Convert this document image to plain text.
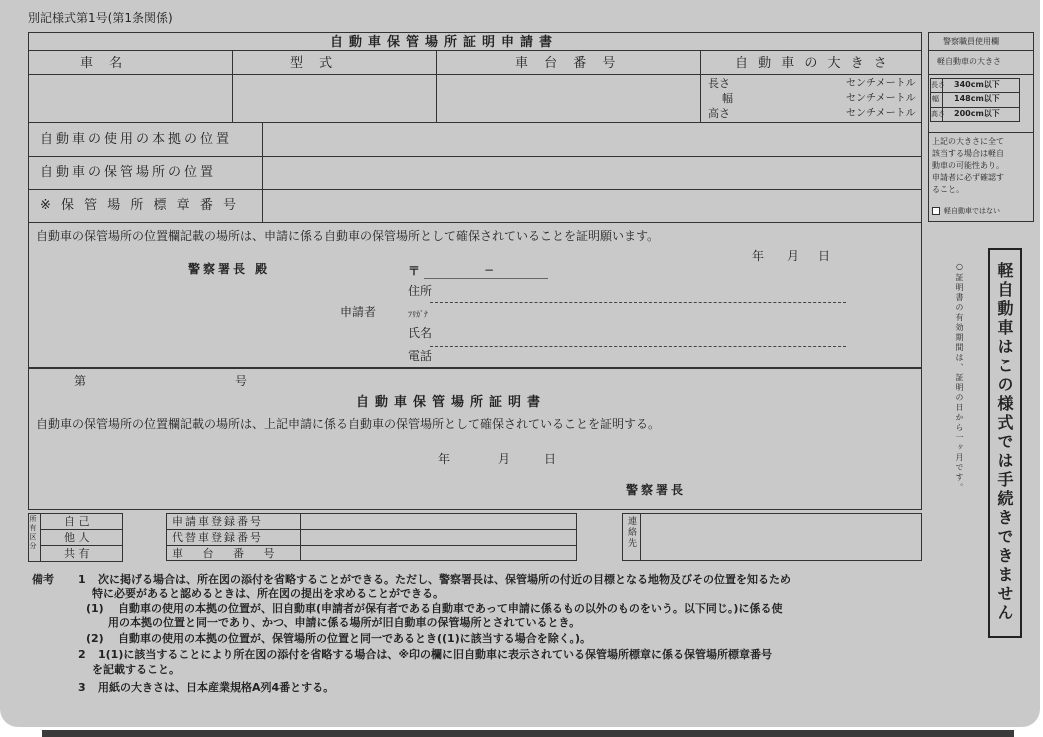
別記様式第1号(第1条関係)
自動車保管場所証明申請書
車 名	型 式	車 台 番 号	自 動 車 の 大 き さ
長さ	センチメートル
幅	センチメートル
高さ	センチメートル
自動車の使用の本拠の位置
自動車の保管場所の位置
※ 保 管 場 所 標 章 番 号
自動車の保管場所の位置欄記載の場所は、申請に係る自動車の保管場所として確保されていることを証明願います。
年 月 日
警察署長 殿	〒	−
住所
申請者	ﾌﾘｶﾞﾅ
氏名
電話
第	号
自動車保管場所証明書
自動車の保管場所の位置欄記載の場所は、上記申請に係る自動車の保管場所として確保されていることを証明する。
年	月	日
警察署長
所有区分 自 己
他 人
共 有
申請車登録番号
代替車登録番号
車 台 番 号
連絡先
備考 1 次に掲げる場合は、所在図の添付を省略することができる。ただし、警察署長は、保管場所の付近の目標となる地物及びその位置を知るため
特に必要があると認めるときは、所在図の提出を求めることができる。
(1) 自動車の使用の本拠の位置が、旧自動車(申請者が保有者である自動車であって申請に係るもの以外のものをいう。以下同じ。)に係る使
用の本拠の位置と同一であり、かつ、申請に係る場所が旧自動車の保管場所とされているとき。
(2) 自動車の使用の本拠の位置が、保管場所の位置と同一であるとき((1)に該当する場合を除く。)。
2 1(1)に該当することにより所在図の添付を省略する場合は、※印の欄に旧自動車に表示されている保管場所標章に係る保管場所標章番号
を記載すること。
3 用紙の大きさは、日本産業規格A列4番とする。
警察職員使用欄
軽自動車の大きさ
長さ 340cm以下
幅 148cm以下
高さ 200cm以下
上記の大きさに全て
該当する場合は軽自
動車の可能性あり。
申請者に必ず確認す
ること。
軽自動車ではない
○証明書の有効期間は、証明の日から一ヶ月です。 軽自動車はこの様式では手続きできません
